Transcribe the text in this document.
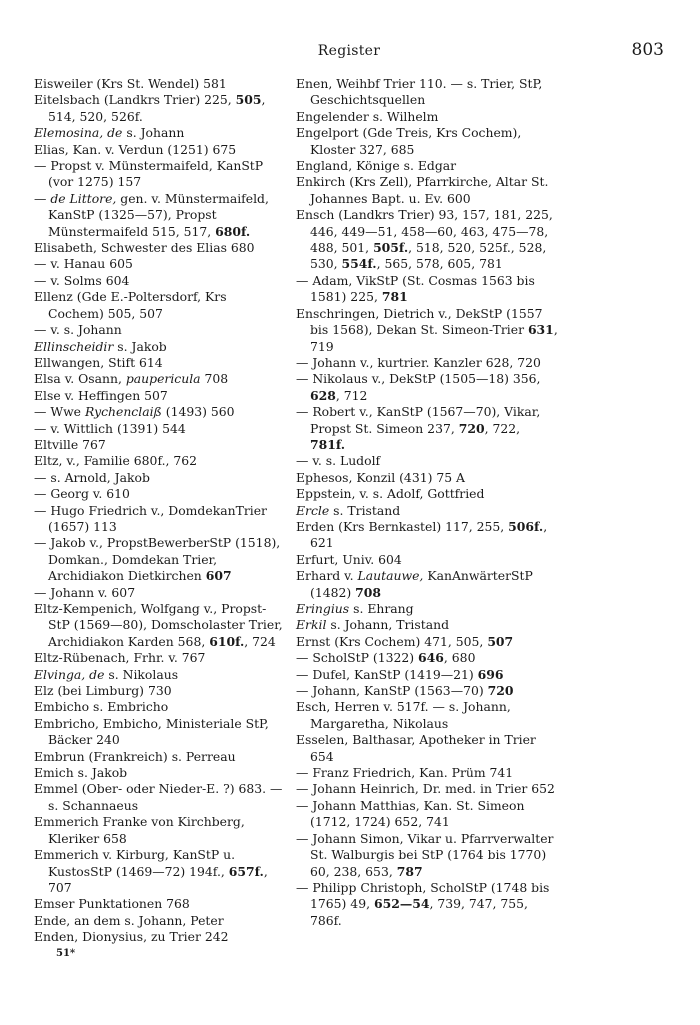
Register	803

Eisweiler (Krs St. Wendel) 581

Eitelsbach (Landkrs Trier) 225, 505, 514, 520, 526f.

Elemosina, de s. Johann

Elias, Kan. v. Verdun (1251) 675

— Propst v. Münstermaifeld, KanStP (vor 1275) 157

— de Littore, gen. v. Münstermaifeld, KanStP (1325—57), Propst Münstermaifeld 515, 517, 680f.

Elisabeth, Schwester des Elias 680

— v. Hanau 605

— v. Solms 604

Ellenz (Gde E.-Poltersdorf, Krs Cochem) 505, 507

— v. s. Johann

Ellinscheidir s. Jakob

Ellwangen, Stift 614

Elsa v. Osann, paupericula 708

Else v. Heffingen 507

— Wwe Rychenclaiß (1493) 560

— v. Wittlich (1391) 544

Eltville 767

Eltz, v., Familie 680f., 762

— s. Arnold, Jakob

— Georg v. 610

— Hugo Friedrich v., DomdekanTrier (1657) 113

— Jakob v., PropstBewerberStP (1518), Domkan., Domdekan Trier, Archidiakon Dietkirchen 607

— Johann v. 607

Eltz-Kempenich, Wolfgang v., Propst-StP (1569—80), Domscholaster Trier, Archidiakon Karden 568, 610f., 724

Eltz-Rübenach, Frhr. v. 767

Elvinga, de s. Nikolaus

Elz (bei Limburg) 730

Embicho s. Embricho

Embricho, Embicho, Ministeriale StP, Bäcker 240

Embrun (Frankreich) s. Perreau

Emich s. Jakob

Emmel (Ober- oder Nieder-E. ?) 683. — s. Schannaeus

Emmerich Franke von Kirchberg, Kleriker 658

Emmerich v. Kirburg, KanStP u. KustosStP (1469—72) 194f., 657f., 707

Emser Punktationen 768

Ende, an dem s. Johann, Peter

Enden, Dionysius, zu Trier 242

Enen, Weihbf Trier 110. — s. Trier, StP, Geschichtsquellen

Engelender s. Wilhelm

Engelport (Gde Treis, Krs Cochem), Kloster 327, 685

England, Könige s. Edgar

Enkirch (Krs Zell), Pfarrkirche, Altar St. Johannes Bapt. u. Ev. 600

Ensch (Landkrs Trier) 93, 157, 181, 225, 446, 449—51, 458—60, 463, 475—78, 488, 501, 505f., 518, 520, 525f., 528, 530, 554f., 565, 578, 605, 781

— Adam, VikStP (St. Cosmas 1563 bis 1581) 225, 781

Enschringen, Dietrich v., DekStP (1557 bis 1568), Dekan St. Simeon-Trier 631, 719

— Johann v., kurtrier. Kanzler 628, 720

— Nikolaus v., DekStP (1505—18) 356, 628, 712

— Robert v., KanStP (1567—70), Vikar, Propst St. Simeon 237, 720, 722, 781f.

— v. s. Ludolf

Ephesos, Konzil (431) 75 A

Eppstein, v. s. Adolf, Gottfried

Ercle s. Tristand

Erden (Krs Bernkastel) 117, 255, 506f., 621

Erfurt, Univ. 604

Erhard v. Lautauwe, KanAnwärterStP (1482) 708

Eringius s. Ehrang

Erkil s. Johann, Tristand

Ernst (Krs Cochem) 471, 505, 507

— ScholStP (1322) 646, 680

— Dufel, KanStP (1419—21) 696

— Johann, KanStP (1563—70) 720

Esch, Herren v. 517f. — s. Johann, Margaretha, Nikolaus

Esselen, Balthasar, Apotheker in Trier 654

— Franz Friedrich, Kan. Prüm 741

— Johann Heinrich, Dr. med. in Trier 652

— Johann Matthias, Kan. St. Simeon (1712, 1724) 652, 741

— Johann Simon, Vikar u. Pfarrverwalter St. Walburgis bei StP (1764 bis 1770) 60, 238, 653, 787

— Philipp Christoph, ScholStP (1748 bis 1765) 49, 652—54, 739, 747, 755, 786f.

51*
